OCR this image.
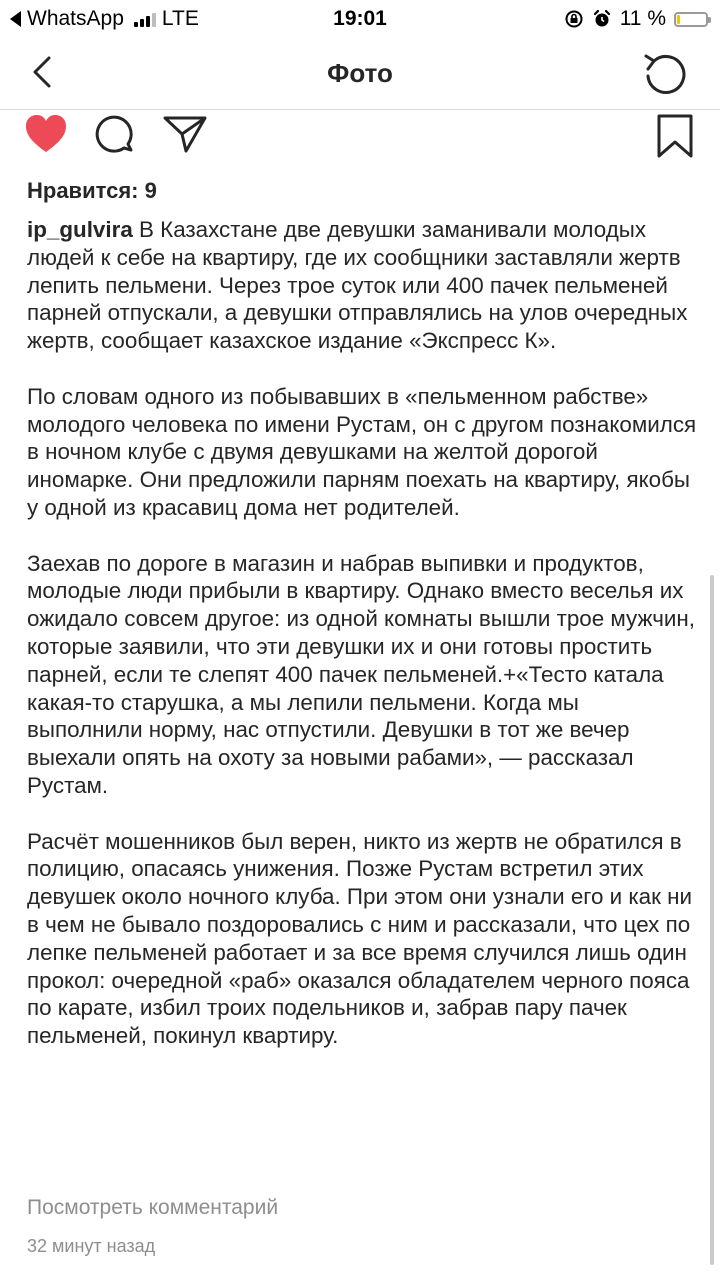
WhatsApp LTE	19:01	11 %
Фото
Нравится: 9

ip_gulvira В Казахстане две девушки заманивали молодых людей к себе на квартиру, где их сообщники заставляли жертв лепить пельмени. Через трое суток или 400 пачек пельменей парней отпускали, а девушки отправлялись на улов очередных жертв, сообщает казахское издание «Экспресс К».

По словам одного из побывавших в «пельменном рабстве» молодого человека по имени Рустам, он с другом познакомился в ночном клубе с двумя девушками на желтой дорогой иномарке. Они предложили парням поехать на квартиру, якобы у одной из красавиц дома нет родителей.

Заехав по дороге в магазин и набрав выпивки и продуктов, молодые люди прибыли в квартиру. Однако вместо веселья их ожидало совсем другое: из одной комнаты вышли трое мужчин, которые заявили, что эти девушки их и они готовы простить парней, если те слепят 400 пачек пельменей.+«Тесто катала какая-то старушка, а мы лепили пельмени. Когда мы выполнили норму, нас отпустили. Девушки в тот же вечер выехали опять на охоту за новыми рабами», — рассказал Рустам.

Расчёт мошенников был верен, никто из жертв не обратился в полицию, опасаясь унижения. Позже Рустам встретил этих девушек около ночного клуба. При этом они узнали его и как ни в чем не бывало поздоровались с ним и рассказали, что цех по лепке пельменей работает и за все время случился лишь один прокол: очередной «раб» оказался обладателем черного пояса по карате, избил троих подельников и, забрав пару пачек пельменей, покинул квартиру.

Посмотреть комментарий
32 минут назад
